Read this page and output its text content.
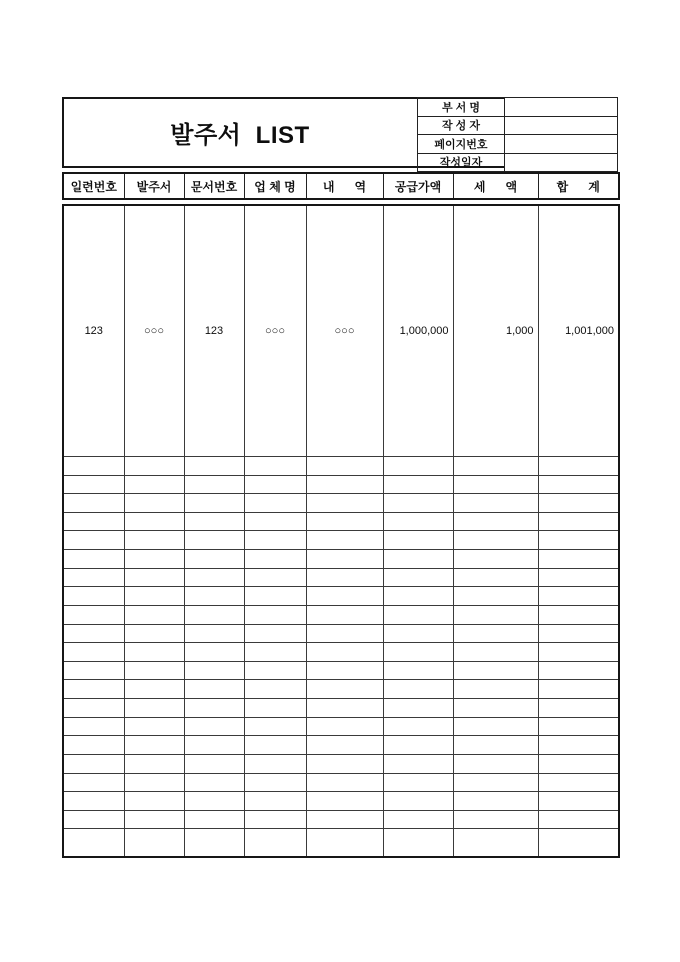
발주서  LIST
부 서 명	
작 성 자	
페이지번호	
작성일자	
일련번호	발주서	문서번호	업 체 명	내      역	공급가액	세      액	합      계
123	○○○	123	○○○	○○○	1,000,000	1,000	1,001,000
